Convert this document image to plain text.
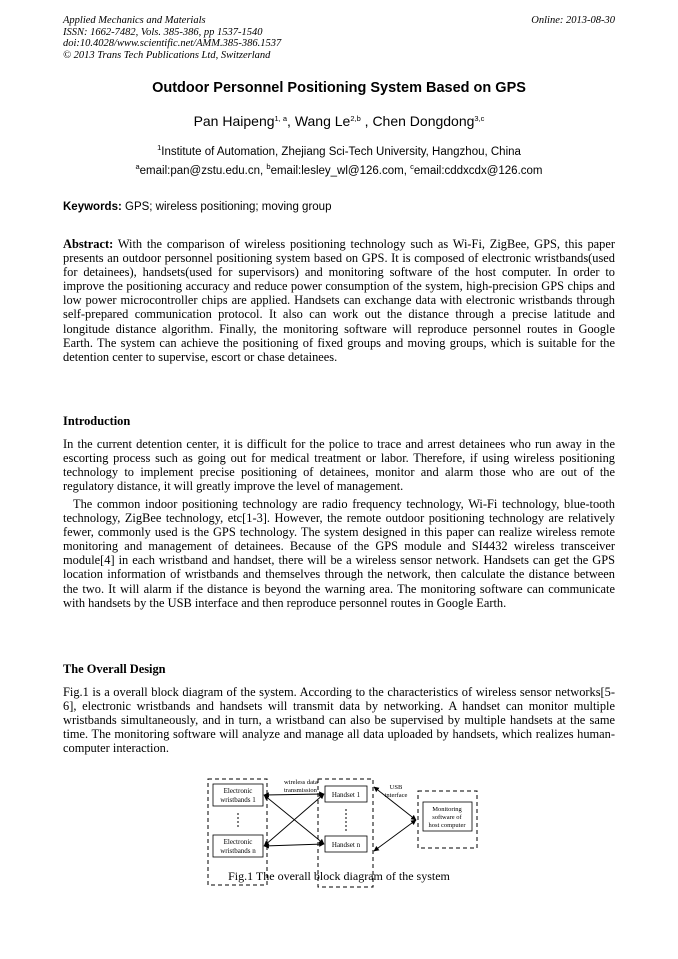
Applied Mechanics and Materials
ISSN: 1662-7482, Vols. 385-386, pp 1537-1540
doi:10.4028/www.scientific.net/AMM.385-386.1537
© 2013 Trans Tech Publications Ltd, Switzerland
Online: 2013-08-30
Outdoor Personnel Positioning System Based on GPS
Pan Haipeng$^{1, a}$, Wang Le$^{2,b}$ , Chen Dongdong$^{3,c}$
$^1$Institute of Automation, Zhejiang Sci-Tech University, Hangzhou, China
$^a$email:pan@zstu.edu.cn, $^b$email:lesley_wl@126.com, $^c$email:cddxcdx@126.com
Keywords: GPS; wireless positioning; moving group

Abstract: With the comparison of wireless positioning technology such as Wi-Fi, ZigBee, GPS, this paper presents an outdoor personnel positioning system based on GPS. It is composed of electronic wristbands(used for detainees), handsets(used for supervisors) and monitoring software of the host computer. In order to improve the positioning accuracy and reduce power consumption of the system, high-precision GPS chips and low power microcontroller chips are applied. Handsets can exchange data with electronic wristbands through self-prepared communication protocol. It also can work out the distance through a precise latitude and longitude distance algorithm. Finally, the monitoring software will reproduce personnel routes in Google Earth. The system can achieve the positioning of fixed groups and moving groups, which is suitable for the detention center to supervise, escort or chase detainees.

Introduction

In the current detention center, it is difficult for the police to trace and arrest detainees who run away in the escorting process such as going out for medical treatment or labor. Therefore, if using wireless positioning technology to implement precise positioning of detainees, monitor and alarm those who are out of the regulatory distance, it will greatly improve the level of management.

The common indoor positioning technology are radio frequency technology, Wi-Fi technology, blue-tooth technology, ZigBee technology, etc[1-3]. However, the remote outdoor positioning technology are relatively fewer, commonly used is the GPS technology. The system designed in this paper can realize wireless remote monitoring and management of detainees. Because of the GPS module and SI4432 wireless transceiver module[4] in each wristband and handset, there will be a wireless sensor network. Handsets can get the GPS location information of wristbands and themselves through the network, then calculate the distance between the two. It will alarm if the distance is beyond the warning area. The monitoring software can communicate with handsets by the USB interface and then reproduce personnel routes in Google Earth.

The Overall Design

Fig.1 is a overall block diagram of the system. According to the characteristics of wireless sensor networks[5-6], electronic wristbands and handsets will transmit data by networking. A handset can monitor multiple wristbands simultaneously, and in turn, a wristband can also be supervised by multiple handsets at the same time. The monitoring software will analyze and manage all data uploaded by handsets, which realizes human-computer interaction.

Electronic
wristbands 1
Electronic
wristbands n
wireless data
transmission
Handset 1
Handset n
USB
interface
Monitoring
software of
host computer
Fig.1 The overall block diagram of the system
